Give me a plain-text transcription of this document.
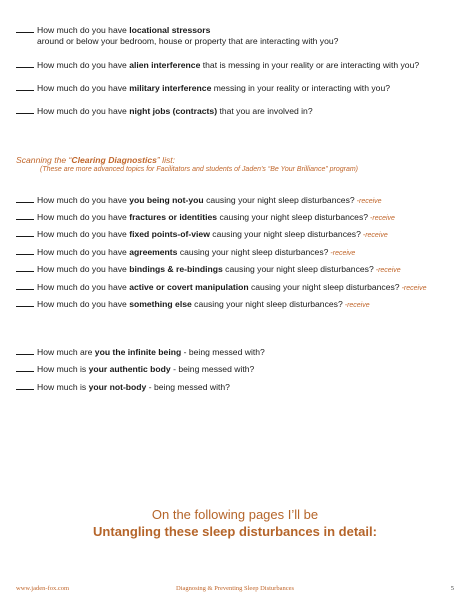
How much do you have locational stressors
around or below your bedroom, house or property that are interacting with you?
How much do you have alien interference that is messing in your reality or are interacting with you?
How much do you have military interference messing in your reality or interacting with you?
How much do you have night jobs (contracts) that you are involved in?
Scanning the “Clearing Diagnostics” list:
(These are more advanced topics for Facilitators and students of Jaden’s “Be Your Brilliance” program)
How much do you have you being not-you causing your night sleep disturbances? -receive
How much do you have fractures or identities causing your night sleep disturbances? -receive
How much do you have fixed points-of-view causing your night sleep disturbances? -receive
How much do you have agreements causing your night sleep disturbances? -receive
How much do you have bindings & re-bindings causing your night sleep disturbances? -receive
How much do you have active or covert manipulation causing your night sleep disturbances? -receive
How much do you have something else causing your night sleep disturbances? -receive
How much are you the infinite being - being messed with?
How much is your authentic body - being messed with?
How much is your not-body - being messed with?
On the following pages I’ll be
Untangling these sleep disturbances in detail:
www.jaden-fox.com	Diagnosing & Preventing Sleep Disturbances	5
